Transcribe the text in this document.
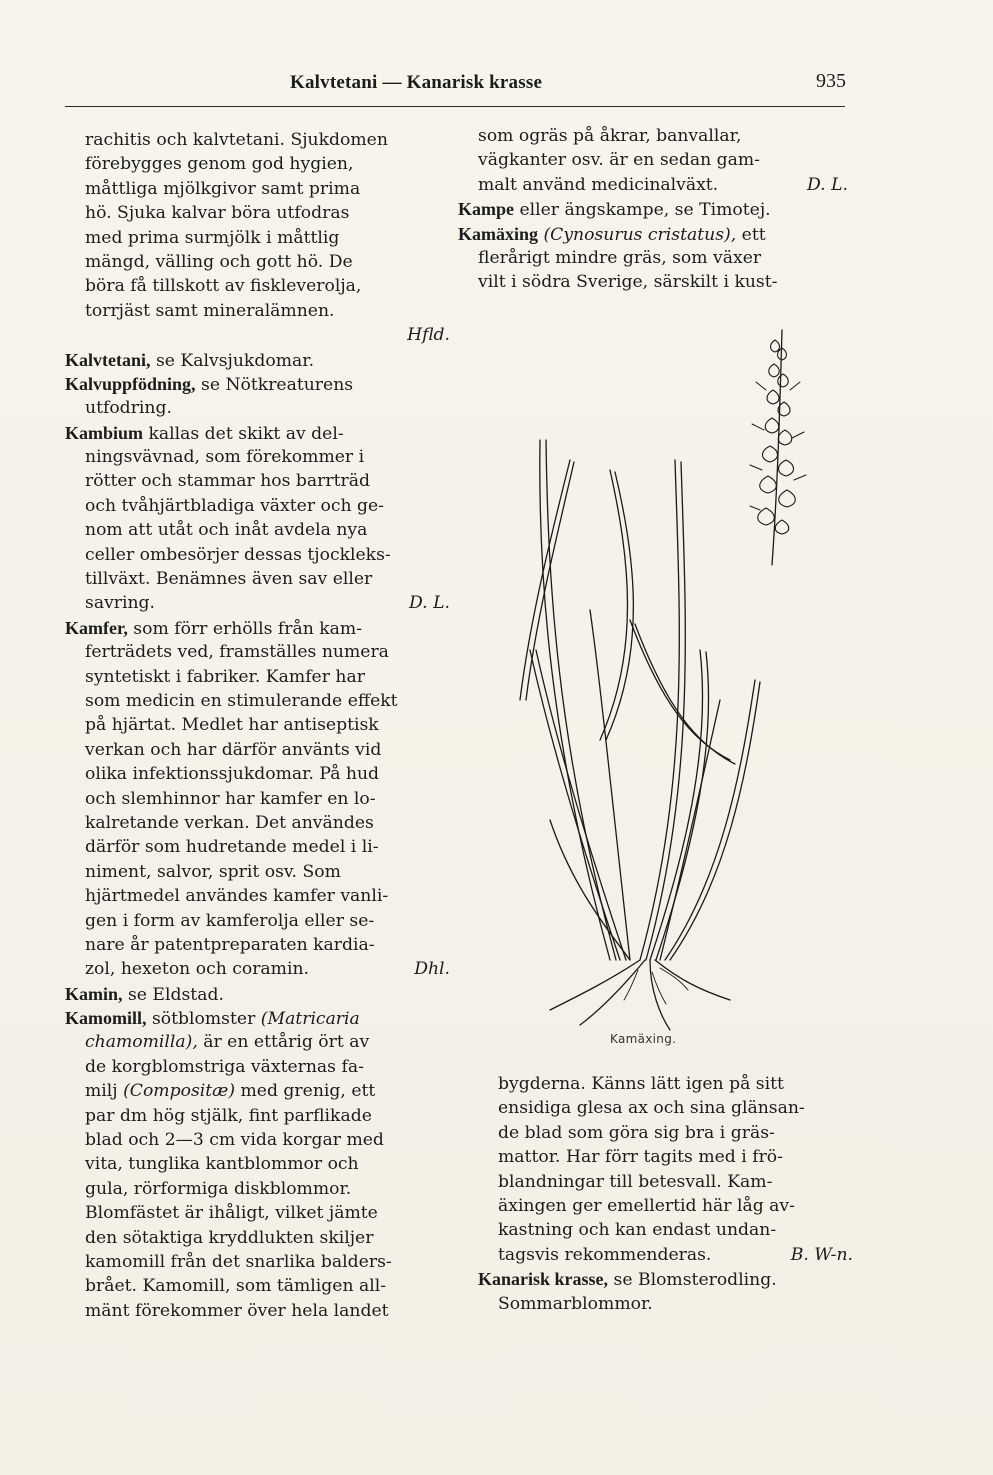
Kalvtetani — Kanarisk krasse	935
rachitis och kalvtetani. Sjukdomen
förebygges genom god hygien,
måttliga mjölkgivor samt prima
hö. Sjuka kalvar böra utfodras
med prima surmjölk i måttlig
mängd, välling och gott hö. De
böra få tillskott av fiskleverolja,
torrjäst samt mineralämnen.
Hfld.
Kalvtetani, se Kalvsjukdomar.
Kalvuppfödning, se Nötkreaturens
utfodring.
Kambium kallas det skikt av del-
ningsvävnad, som förekommer i
rötter och stammar hos barrträd
och tvåhjärtbladiga växter och ge-
nom att utåt och inåt avdela nya
celler ombesörjer dessas tjockleks-
tillväxt. Benämnes även sav eller
savring.	D. L.
Kamfer, som förr erhölls från kam-
ferträdets ved, framställes numera
syntetiskt i fabriker. Kamfer har
som medicin en stimulerande effekt
på hjärtat. Medlet har antiseptisk
verkan och har därför använts vid
olika infektionssjukdomar. På hud
och slemhinnor har kamfer en lo-
kalretande verkan. Det användes
därför som hudretande medel i li-
niment, salvor, sprit osv. Som
hjärtmedel användes kamfer vanli-
gen i form av kamferolja eller se-
nare år patentpreparaten kardia-
zol, hexeton och coramin.	Dhl.
Kamin, se Eldstad.
Kamomill, sötblomster (Matricaria
chamomilla), är en ettårig ört av
de korgblomstriga växternas fa-
milj (Compositæ) med grenig, ett
par dm hög stjälk, fint parflikade
blad och 2—3 cm vida korgar med
vita, tunglika kantblommor och
gula, rörformiga diskblommor.
Blomfästet är ihåligt, vilket jämte
den sötaktiga kryddlukten skiljer
kamomill från det snarlika balders-
brået. Kamomill, som tämligen all-
mänt förekommer över hela landet
som ogräs på åkrar, banvallar,
vägkanter osv. är en sedan gam-
malt använd medicinalväxt.	D. L.
Kampe eller ängskampe, se Timotej.
Kamäxing (Cynosurus cristatus), ett
flerårigt mindre gräs, som växer
vilt i södra Sverige, särskilt i kust-
Kamäxing.
bygderna. Känns lätt igen på sitt
ensidiga glesa ax och sina glänsan-
de blad som göra sig bra i gräs-
mattor. Har förr tagits med i frö-
blandningar till betesvall. Kam-
äxingen ger emellertid här låg av-
kastning och kan endast undan-
tagsvis rekommenderas.	B. W-n.
Kanarisk krasse, se Blomsterodling.
Sommarblommor.
